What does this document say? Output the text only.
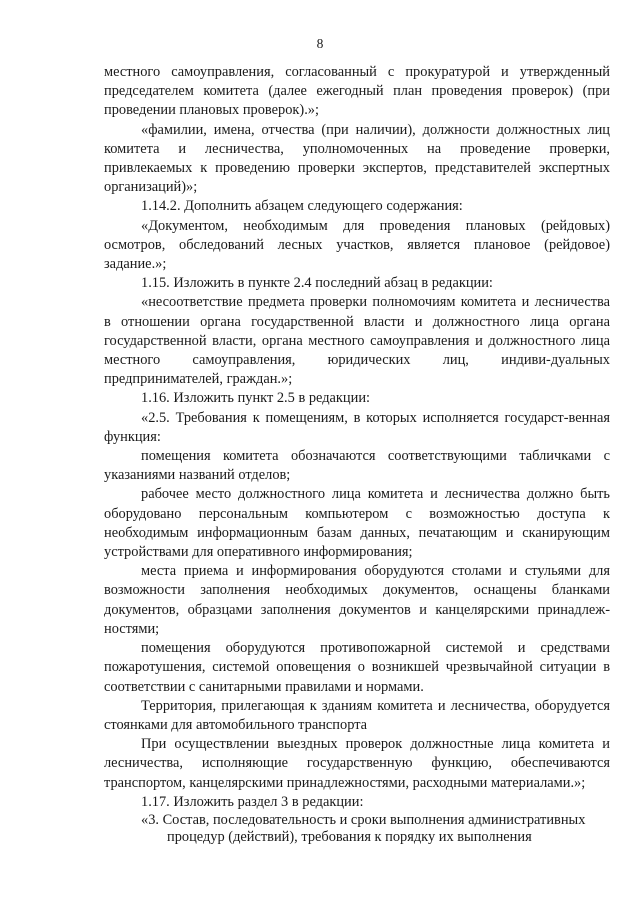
8

местного самоуправления, согласованный с прокуратурой и утвержденный председателем комитета (далее ежегодный план проведения проверок) (при проведении плановых проверок).»;

«фамилии, имена, отчества (при наличии), должности должностных лиц комитета и лесничества, уполномоченных на проведение проверки, привлекаемых к проведению проверки экспертов, представителей экспертных организаций)»;

1.14.2. Дополнить абзацем следующего содержания:

«Документом, необходимым для проведения плановых (рейдовых) осмотров, обследований лесных участков, является плановое (рейдовое) задание.»;

1.15. Изложить в пункте 2.4 последний абзац в редакции:

«несоответствие предмета проверки полномочиям комитета и лесничества в отношении органа государственной власти и должностного лица органа государственной власти, органа местного самоуправления и должностного лица местного самоуправления, юридических лиц, индиви-дуальных предпринимателей, граждан.»;

1.16. Изложить пункт 2.5 в редакции:

«2.5. Требования к помещениям, в которых исполняется государст-венная функция:

помещения комитета обозначаются соответствующими табличками с указаниями названий отделов;

рабочее место должностного лица комитета и лесничества должно быть оборудовано персональным компьютером с возможностью доступа к необходимым информационным базам данных, печатающим и сканирующим устройствами для оперативного информирования;

места приема и информирования оборудуются столами и стульями для возможности заполнения необходимых документов, оснащены бланками документов, образцами заполнения документов и канцелярскими принадлеж-ностями;

помещения оборудуются противопожарной системой и средствами пожаротушения, системой оповещения о возникшей чрезвычайной ситуации в соответствии с санитарными правилами и нормами.

Территория, прилегающая к зданиям комитета и лесничества, оборудуется стоянками для автомобильного транспорта

При осуществлении выездных проверок должностные лица комитета и лесничества, исполняющие государственную функцию, обеспечиваются транспортом, канцелярскими принадлежностями, расходными материалами.»;

1.17. Изложить раздел 3 в редакции:

«3. Состав, последовательность и сроки выполнения административных
процедур (действий), требования к порядку их выполнения
